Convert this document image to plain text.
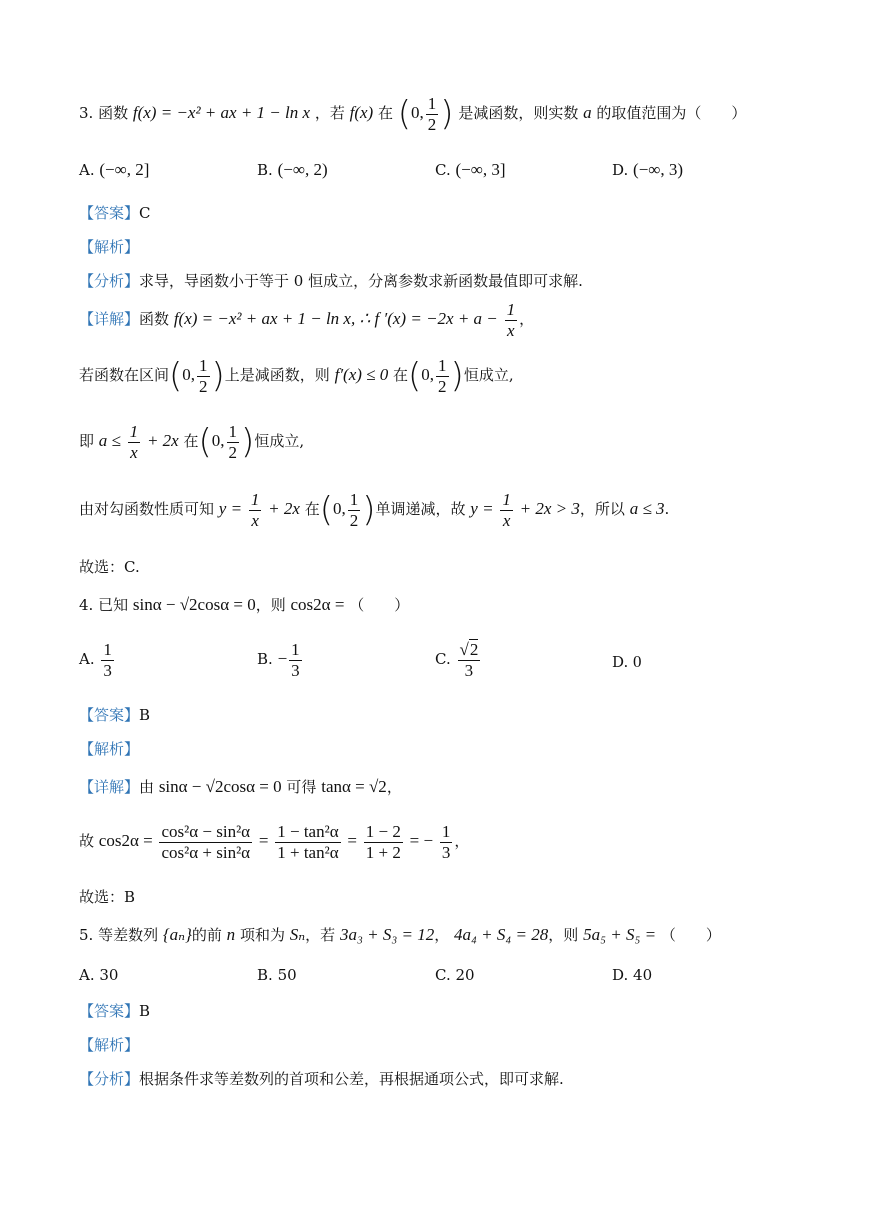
3. 函数 f(x) = −x² + ax + 1 − ln x ，若 f(x) 在 (0, $\frac{1}{2}$ ) 是减函数，则实数 a 的取值范围为（　　）
A. (−∞, 2]	B. (−∞, 2)	C. (−∞, 3]	D. (−∞, 3)
【答案】C
【解析】
【分析】求导，导函数小于等于 0 恒成立，分离参数求新函数最值即可求解.
【详解】函数 f(x) = −x² + ax + 1 − ln x, ∴ f $'(x) = -2x + a - \frac{1}{x}$ ，
若函数在区间(0, $\frac{1}{2}$ )上是减函数，则 f′(x) ≤ 0 在(0, $\frac{1}{2}$ )恒成立,
即 $a \le \frac{1}{x} + 2x$ 在(0, $\frac{1}{2}$ )恒成立,
由对勾函数性质可知 $y = \frac{1}{x} + 2x$ 在(0, $\frac{1}{2}$ )单调递减，故 $y = \frac{1}{x} + 2x > 3$，所以 a ≤ 3.
故选：C.
4. 已知 sinα − √2cosα = 0，则 cos2α = （　　）
A. $\frac{1}{3}$	B. − $\frac{1}{3}$	C. $\frac{√2}{3}$	D. 0
【答案】B
【解析】
【详解】由 sinα − √2cosα = 0 可得 tanα = √2，
故 $\cos 2\alpha = \frac{\text{cos²α − sin²α}}{\text{cos²α + sin²α}} = \frac{\text{1 − tan²α}}{\text{1 + tan²α}} = \frac{1 - 2}{1 + 2}$ = − $\frac{1}{3}$ ，
故选：B
5. 等差数列 {aₙ}的前 n 项和为 Sₙ，若 3a₃ + S₃ = 12， 4a₄ + S₄ = 28，则 5a₅ + S₅ = （　　）
A. 30	B. 50	C. 20	D. 40
【答案】B
【解析】
【分析】根据条件求等差数列的首项和公差，再根据通项公式，即可求解.
